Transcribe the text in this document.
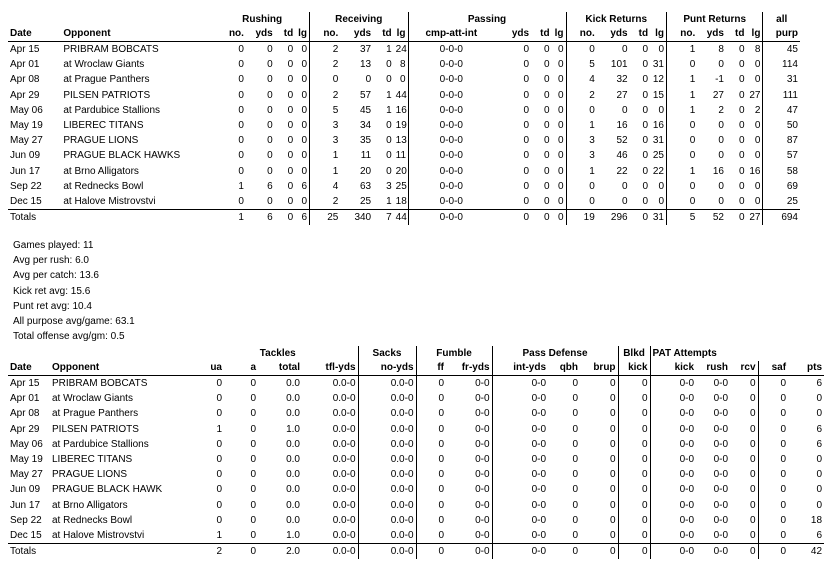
		Rushing				Receiving				Passing				Kick Returns				Punt Returns				all
Date	Opponent	no.	yds	td	lg	no.	yds	td	lg	cmp-att-int	yds	td	lg	no.	yds	td	lg	no.	yds	td	lg	purp
Apr 15	PRIBRAM BOBCATS	0	0	0	0	2	37	1	24	0-0-0	0	0	0	0	0	0	0	1	8	0	8	45
Apr 01	at Wroclaw Giants	0	0	0	0	2	13	0	8	0-0-0	0	0	0	5	101	0	31	0	0	0	0	114
Apr 08	at Prague Panthers	0	0	0	0	0	0	0	0	0-0-0	0	0	0	4	32	0	12	1	-1	0	0	31
Apr 29	PILSEN PATRIOTS	0	0	0	0	2	57	1	44	0-0-0	0	0	0	2	27	0	15	1	27	0	27	111
May 06	at Pardubice Stallions	0	0	0	0	5	45	1	16	0-0-0	0	0	0	0	0	0	0	1	2	0	2	47
May 19	LIBEREC TITANS	0	0	0	0	3	34	0	19	0-0-0	0	0	0	1	16	0	16	0	0	0	0	50
May 27	PRAGUE LIONS	0	0	0	0	3	35	0	13	0-0-0	0	0	0	3	52	0	31	0	0	0	0	87
Jun 09	PRAGUE BLACK HAWKS	0	0	0	0	1	11	0	11	0-0-0	0	0	0	3	46	0	25	0	0	0	0	57
Jun 17	at Brno Alligators	0	0	0	0	1	20	0	20	0-0-0	0	0	0	1	22	0	22	1	16	0	16	58
Sep 22	at Rednecks Bowl	1	6	0	6	4	63	3	25	0-0-0	0	0	0	0	0	0	0	0	0	0	0	69
Dec 15	at Halove Mistrovstvi	0	0	0	0	2	25	1	18	0-0-0	0	0	0	0	0	0	0	0	0	0	0	25
Totals		1	6	0	6	25	340	7	44	0-0-0	0	0	0	19	296	0	31	5	52	0	27	694
Games played: 11
Avg per rush: 6.0
Avg per catch: 13.6
Kick ret avg: 15.6
Punt ret avg: 10.4
All purpose avg/game: 63.1
Total offense avg/gm: 0.5
		Tackles				Sacks	Fumble		Pass Defense			Blkd	PAT Attempts				
Date	Opponent	ua	a	total	tfl-yds	no-yds	ff	fr-yds	int-yds	qbh	brup	kick	kick	rush	rcv	saf	pts
Apr 15	PRIBRAM BOBCATS	0	0	0.0	0.0-0	0.0-0	0	0-0	0-0	0	0	0	0-0	0-0	0	0	6
Apr 01	at Wroclaw Giants	0	0	0.0	0.0-0	0.0-0	0	0-0	0-0	0	0	0	0-0	0-0	0	0	0
Apr 08	at Prague Panthers	0	0	0.0	0.0-0	0.0-0	0	0-0	0-0	0	0	0	0-0	0-0	0	0	0
Apr 29	PILSEN PATRIOTS	1	0	1.0	0.0-0	0.0-0	0	0-0	0-0	0	0	0	0-0	0-0	0	0	6
May 06	at Pardubice Stallions	0	0	0.0	0.0-0	0.0-0	0	0-0	0-0	0	0	0	0-0	0-0	0	0	6
May 19	LIBEREC TITANS	0	0	0.0	0.0-0	0.0-0	0	0-0	0-0	0	0	0	0-0	0-0	0	0	0
May 27	PRAGUE LIONS	0	0	0.0	0.0-0	0.0-0	0	0-0	0-0	0	0	0	0-0	0-0	0	0	0
Jun 09	PRAGUE BLACK HAWK	0	0	0.0	0.0-0	0.0-0	0	0-0	0-0	0	0	0	0-0	0-0	0	0	0
Jun 17	at Brno Alligators	0	0	0.0	0.0-0	0.0-0	0	0-0	0-0	0	0	0	0-0	0-0	0	0	0
Sep 22	at Rednecks Bowl	0	0	0.0	0.0-0	0.0-0	0	0-0	0-0	0	0	0	0-0	0-0	0	0	18
Dec 15	at Halove Mistrovstvi	1	0	1.0	0.0-0	0.0-0	0	0-0	0-0	0	0	0	0-0	0-0	0	0	6
Totals		2	0	2.0	0.0-0	0.0-0	0	0-0	0-0	0	0	0	0-0	0-0	0	0	42
